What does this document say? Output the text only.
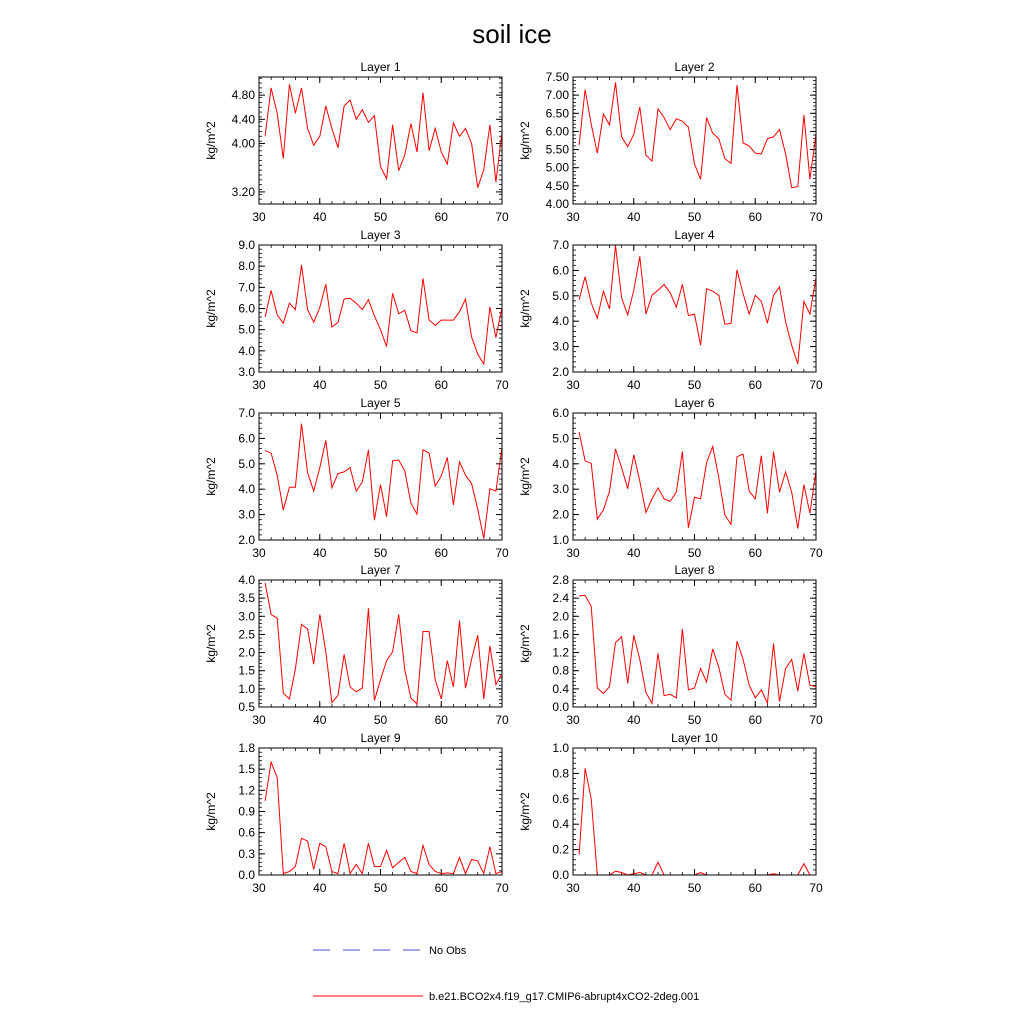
soil ice
Layer 1
kg/m^2
3.20
4.00
4.40
4.80
30	40	50	60	70
Layer 2
kg/m^2
4.00
4.50
5.00
5.50
6.00
6.50
7.00
7.50
30	40	50	60	70
Layer 3
kg/m^2
3.0
4.0
5.0
6.0
7.0
8.0
9.0
30	40	50	60	70
Layer 4
kg/m^2
2.0
3.0
4.0
5.0
6.0
7.0
30	40	50	60	70
Layer 5
kg/m^2
2.0
3.0
4.0
5.0
6.0
7.0
30	40	50	60	70
Layer 6
kg/m^2
1.0
2.0
3.0
4.0
5.0
6.0
30	40	50	60	70
Layer 7
kg/m^2
0.5
1.0
1.5
2.0
2.5
3.0
3.5
4.0
30	40	50	60	70
Layer 8
kg/m^2
0.0
0.4
0.8
1.2
1.6
2.0
2.4
2.8
30	40	50	60	70
Layer 9
kg/m^2
0.0
0.3
0.6
0.9
1.2
1.5
1.8
30	40	50	60	70
Layer 10
kg/m^2
0.0
0.2
0.4
0.6
0.8
1.0
30	40	50	60	70
No Obs
b.e21.BCO2x4.f19_g17.CMIP6-abrupt4xCO2-2deg.001
